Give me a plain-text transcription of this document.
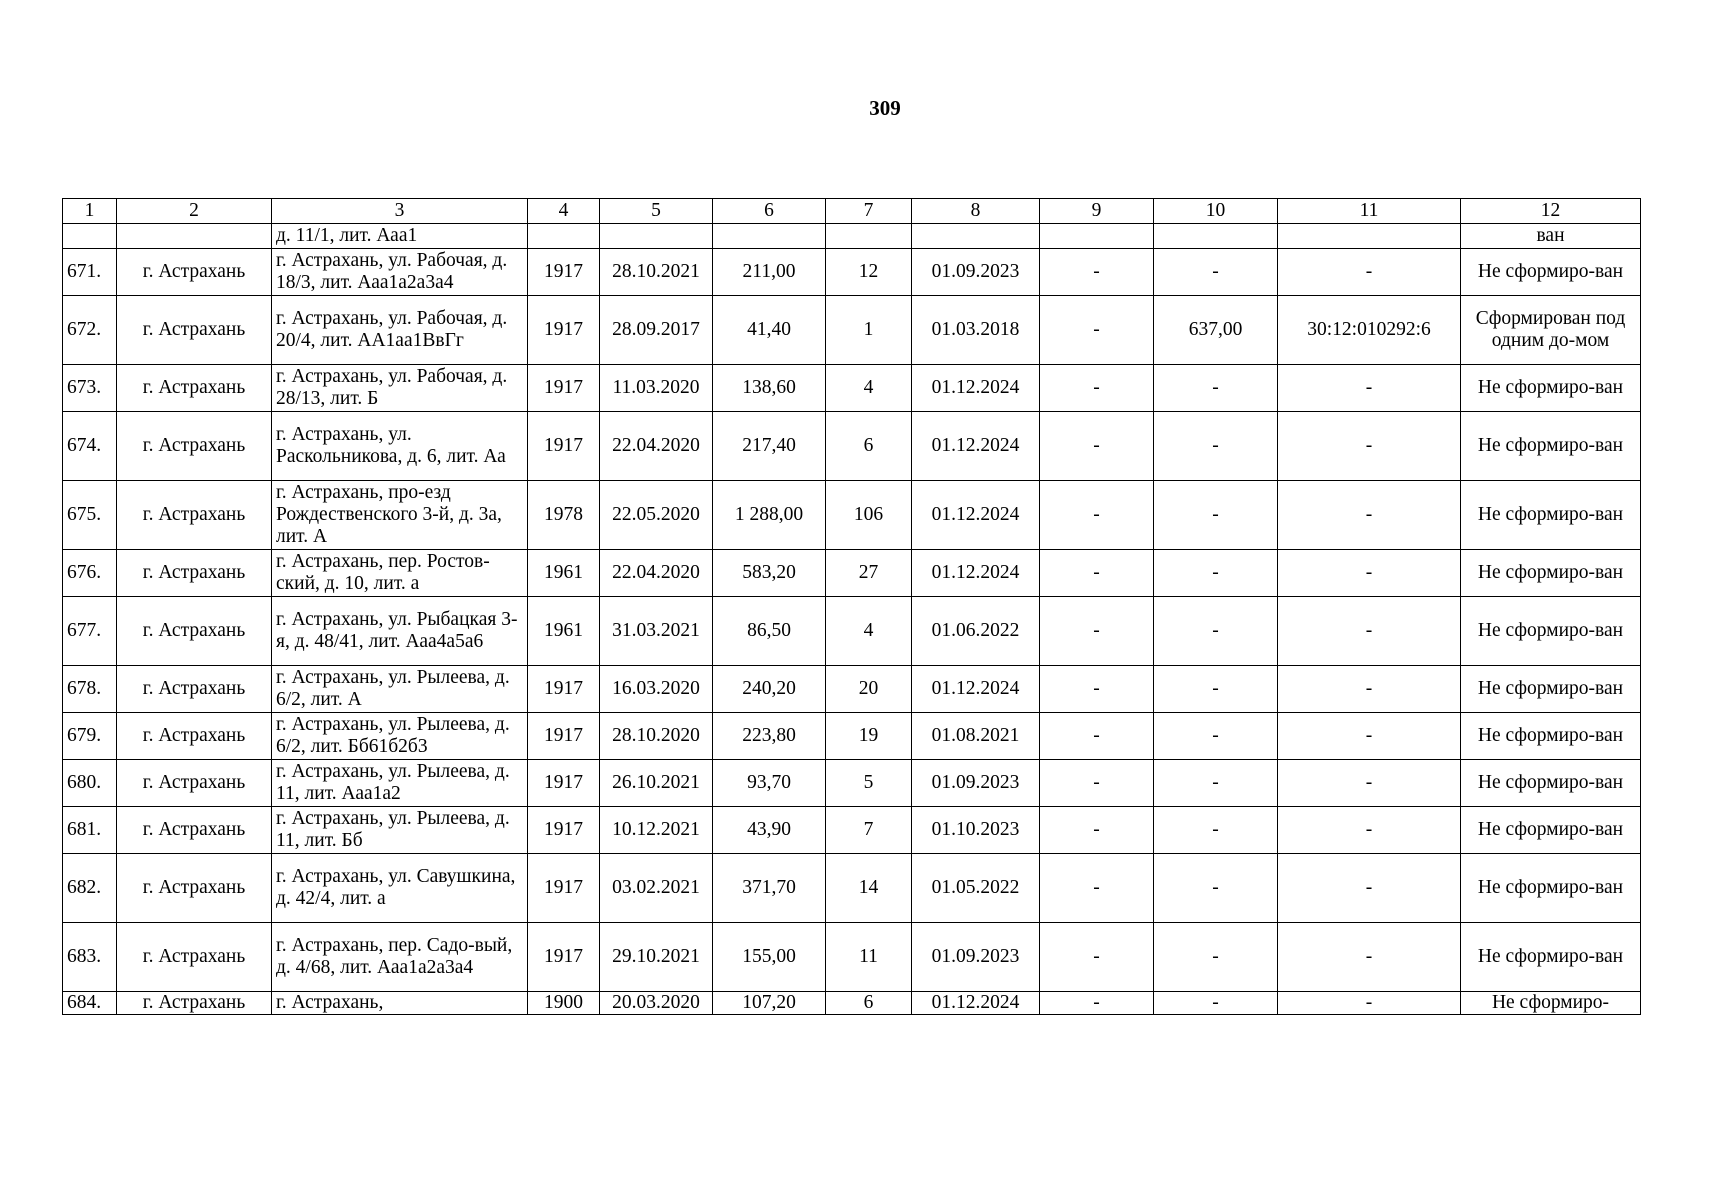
309
1	2	3	4	5	6	7	8	9	10	11	12
		д. 11/1, лит. Ааа1									ван
671.	г. Астрахань	г. Астрахань, ул. Рабочая, д. 18/3, лит. Ааа1а2а3а4	1917	28.10.2021	211,00	12	01.09.2023	-	-	-	Не сформиро-ван
672.	г. Астрахань	г. Астрахань, ул. Рабочая, д. 20/4, лит. АА1аа1ВвГг	1917	28.09.2017	41,40	1	01.03.2018	-	637,00	30:12:010292:6	Сформирован под одним до-мом
673.	г. Астрахань	г. Астрахань, ул. Рабочая, д. 28/13, лит. Б	1917	11.03.2020	138,60	4	01.12.2024	-	-	-	Не сформиро-ван
674.	г. Астрахань	г. Астрахань, ул. Раскольникова, д. 6, лит. Аа	1917	22.04.2020	217,40	6	01.12.2024	-	-	-	Не сформиро-ван
675.	г. Астрахань	г. Астрахань, про-езд Рождественского 3-й, д. 3а, лит. А	1978	22.05.2020	1 288,00	106	01.12.2024	-	-	-	Не сформиро-ван
676.	г. Астрахань	г. Астрахань, пер. Ростов-ский, д. 10, лит. а	1961	22.04.2020	583,20	27	01.12.2024	-	-	-	Не сформиро-ван
677.	г. Астрахань	г. Астрахань, ул. Рыбацкая 3-я, д. 48/41, лит. Ааа4а5а6	1961	31.03.2021	86,50	4	01.06.2022	-	-	-	Не сформиро-ван
678.	г. Астрахань	г. Астрахань, ул. Рылеева, д. 6/2, лит. А	1917	16.03.2020	240,20	20	01.12.2024	-	-	-	Не сформиро-ван
679.	г. Астрахань	г. Астрахань, ул. Рылеева, д. 6/2, лит. Бб61б2б3	1917	28.10.2020	223,80	19	01.08.2021	-	-	-	Не сформиро-ван
680.	г. Астрахань	г. Астрахань, ул. Рылеева, д. 11, лит. Ааа1а2	1917	26.10.2021	93,70	5	01.09.2023	-	-	-	Не сформиро-ван
681.	г. Астрахань	г. Астрахань, ул. Рылеева, д. 11, лит. Бб	1917	10.12.2021	43,90	7	01.10.2023	-	-	-	Не сформиро-ван
682.	г. Астрахань	г. Астрахань, ул. Савушкина, д. 42/4, лит. а	1917	03.02.2021	371,70	14	01.05.2022	-	-	-	Не сформиро-ван
683.	г. Астрахань	г. Астрахань, пер. Садо-вый, д. 4/68, лит. Ааа1а2а3а4	1917	29.10.2021	155,00	11	01.09.2023	-	-	-	Не сформиро-ван
684.	г. Астрахань	г. Астрахань,	1900	20.03.2020	107,20	6	01.12.2024	-	-	-	Не сформиро-
